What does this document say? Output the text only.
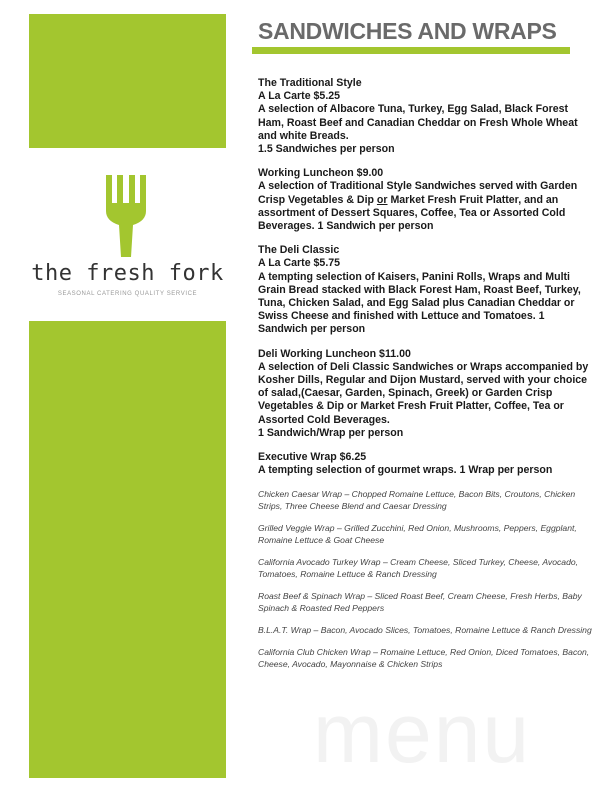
the fresh fork
SEASONAL CATERING QUALITY SERVICE
SANDWICHES AND WRAPS
menu

The Traditional Style

A La Carte $5.25

A selection of Albacore Tuna, Turkey, Egg Salad, Black Forest Ham, Roast Beef and Canadian Cheddar on Fresh Whole Wheat and white Breads.

1.5 Sandwiches per person

Working Luncheon $9.00

A selection of Traditional Style Sandwiches served with Garden Crisp Vegetables & Dip or Market Fresh Fruit Platter, and an assortment of Dessert Squares, Coffee, Tea or Assorted Cold Beverages. 1 Sandwich per person

The Deli Classic

A La Carte $5.75

A tempting selection of Kaisers, Panini Rolls, Wraps and Multi Grain Bread stacked with Black Forest Ham, Roast Beef, Turkey, Tuna, Chicken Salad, and Egg Salad plus Canadian Cheddar or Swiss Cheese and finished with Lettuce and Tomatoes. 1 Sandwich per person

Deli Working Luncheon $11.00

A selection of Deli Classic Sandwiches or Wraps accompanied by Kosher Dills, Regular and Dijon Mustard, served with your choice of salad,(Caesar, Garden, Spinach, Greek) or Garden Crisp Vegetables & Dip or Market Fresh Fruit Platter, Coffee, Tea or Assorted Cold Beverages.

1 Sandwich/Wrap per person

Executive Wrap $6.25

A tempting selection of gourmet wraps. 1 Wrap per person

Chicken Caesar Wrap – Chopped Romaine Lettuce, Bacon Bits, Croutons, Chicken Strips, Three Cheese Blend and Caesar Dressing
Grilled Veggie Wrap – Grilled Zucchini, Red Onion, Mushrooms, Peppers, Eggplant, Romaine Lettuce & Goat Cheese
California Avocado Turkey Wrap – Cream Cheese, Sliced Turkey, Cheese, Avocado, Tomatoes, Romaine Lettuce & Ranch Dressing
Roast Beef & Spinach Wrap – Sliced Roast Beef, Cream Cheese, Fresh Herbs, Baby Spinach & Roasted Red Peppers
B.L.A.T. Wrap – Bacon, Avocado Slices, Tomatoes, Romaine Lettuce & Ranch Dressing
California Club Chicken Wrap – Romaine Lettuce, Red Onion, Diced Tomatoes, Bacon, Cheese, Avocado, Mayonnaise & Chicken Strips
